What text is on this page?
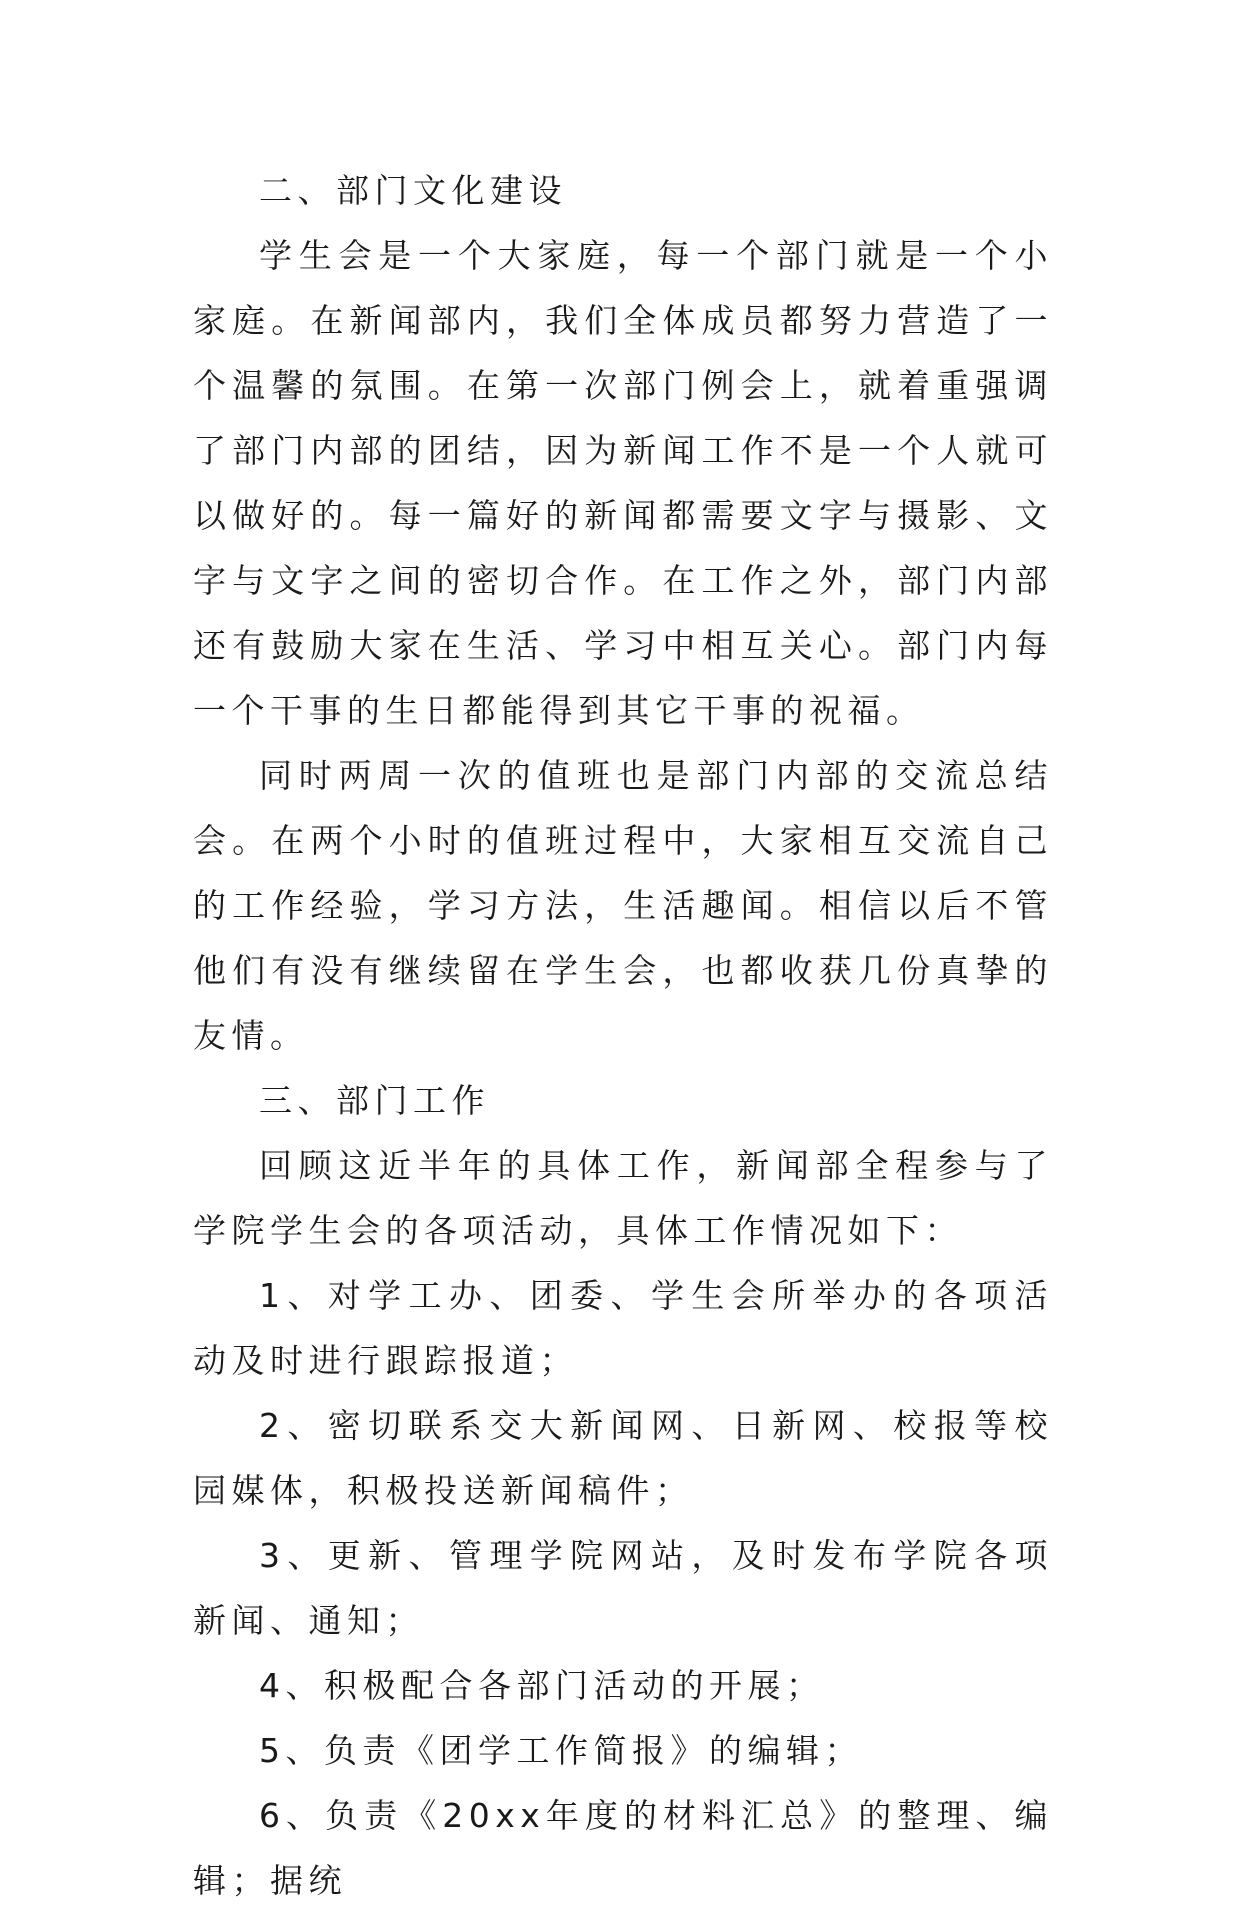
二、部门文化建设

学生会是一个大家庭，每一个部门就是一个小家庭。在新闻部内，我们全体成员都努力营造了一个温馨的氛围。在第一次部门例会上，就着重强调了部门内部的团结，因为新闻工作不是一个人就可以做好的。每一篇好的新闻都需要文字与摄影、文字与文字之间的密切合作。在工作之外，部门内部还有鼓励大家在生活、学习中相互关心。部门内每一个干事的生日都能得到其它干事的祝福。

同时两周一次的值班也是部门内部的交流总结会。在两个小时的值班过程中，大家相互交流自己的工作经验，学习方法，生活趣闻。相信以后不管他们有没有继续留在学生会，也都收获几份真挚的友情。

三、部门工作

回顾这近半年的具体工作，新闻部全程参与了学院学生会的各项活动，具体工作情况如下：

1、对学工办、团委、学生会所举办的各项活动及时进行跟踪报道；

2、密切联系交大新闻网、日新网、校报等校园媒体，积极投送新闻稿件；

3、更新、管理学院网站，及时发布学院各项新闻、通知；

4、积极配合各部门活动的开展；

5、负责《团学工作简报》的编辑；

6、负责《20xx年度的材料汇总》的整理、编辑；据统
